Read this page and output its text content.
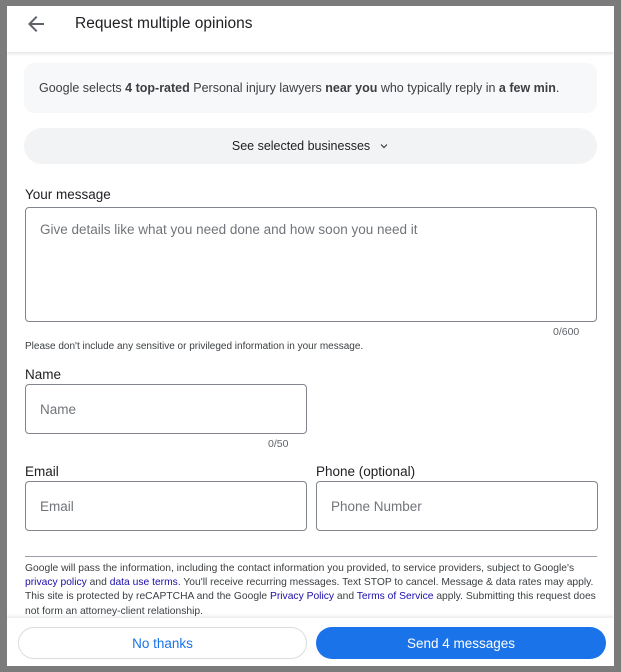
Request multiple opinions
Google selects 4 top-rated Personal injury lawyers near you who typically reply in a few min.
See selected businesses
Your message
Give details like what you need done and how soon you need it
0/600
Please don't include any sensitive or privileged information in your message.
Name
Name
0/50
Email
Email	Phone (optional)
Phone Number
Google will pass the information, including the contact information you provided, to service providers, subject to Google's privacy policy and data use terms. You'll receive recurring messages. Text STOP to cancel. Message & data rates may apply. This site is protected by reCAPTCHA and the Google Privacy Policy and Terms of Service apply. Submitting this request does not form an attorney-client relationship.
No thanks	Send 4 messages
